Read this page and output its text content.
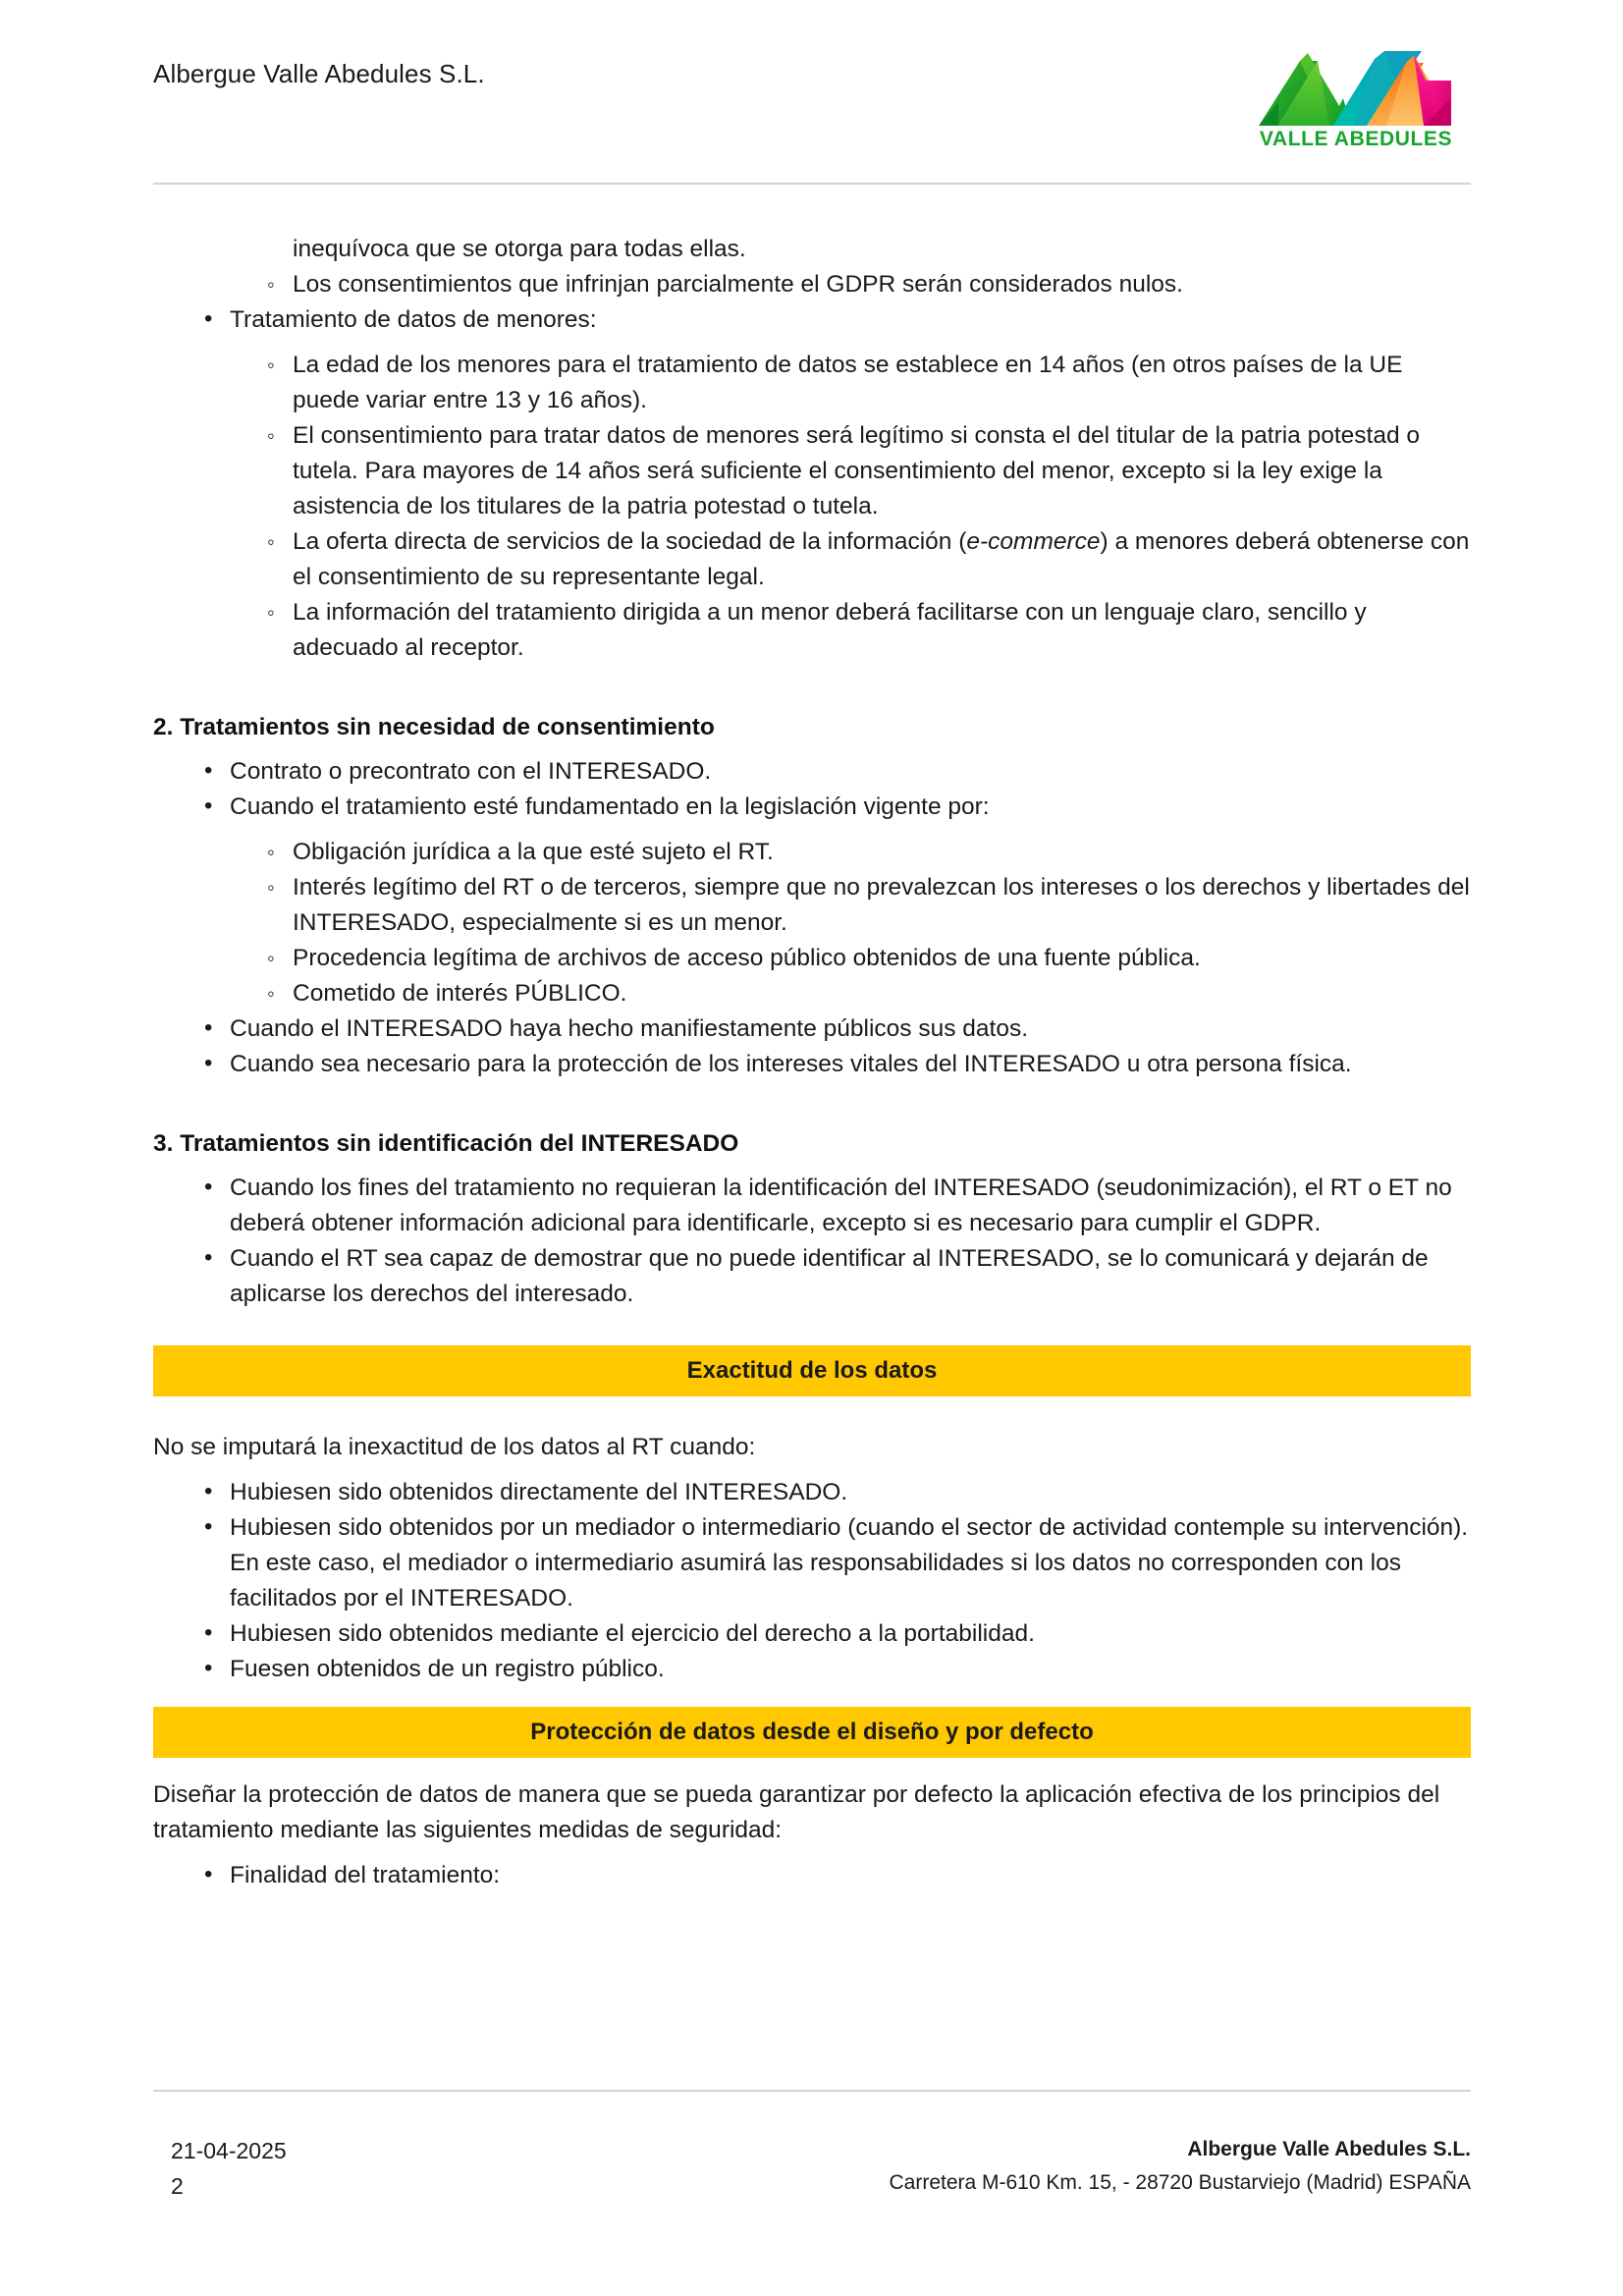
Albergue Valle Abedules S.L.
VALLE ABEDULES
inequívoca que se otorga para todas ellas.
◦ Los consentimientos que infrinjan parcialmente el GDPR serán considerados nulos.
• Tratamiento de datos de menores:
◦ La edad de los menores para el tratamiento de datos se establece en 14 años (en otros países de la UE puede variar entre 13 y 16 años).
◦ El consentimiento para tratar datos de menores será legítimo si consta el del titular de la patria potestad o tutela. Para mayores de 14 años será suficiente el consentimiento del menor, excepto si la ley exige la asistencia de los titulares de la patria potestad o tutela.
◦ La oferta directa de servicios de la sociedad de la información (e-commerce) a menores deberá obtenerse con el consentimiento de su representante legal.
◦ La información del tratamiento dirigida a un menor deberá facilitarse con un lenguaje claro, sencillo y adecuado al receptor.
2. Tratamientos sin necesidad de consentimiento
• Contrato o precontrato con el INTERESADO.
• Cuando el tratamiento esté fundamentado en la legislación vigente por:
◦ Obligación jurídica a la que esté sujeto el RT.
◦ Interés legítimo del RT o de terceros, siempre que no prevalezcan los intereses o los derechos y libertades del INTERESADO, especialmente si es un menor.
◦ Procedencia legítima de archivos de acceso público obtenidos de una fuente pública.
◦ Cometido de interés PÚBLICO.
• Cuando el INTERESADO haya hecho manifiestamente públicos sus datos.
• Cuando sea necesario para la protección de los intereses vitales del INTERESADO u otra persona física.
3. Tratamientos sin identificación del INTERESADO
• Cuando los fines del tratamiento no requieran la identificación del INTERESADO (seudonimización), el RT o ET no deberá obtener información adicional para identificarle, excepto si es necesario para cumplir el GDPR.
• Cuando el RT sea capaz de demostrar que no puede identificar al INTERESADO, se lo comunicará y dejarán de aplicarse los derechos del interesado.
Exactitud de los datos

No se imputará la inexactitud de los datos al RT cuando:

• Hubiesen sido obtenidos directamente del INTERESADO.
• Hubiesen sido obtenidos por un mediador o intermediario (cuando el sector de actividad contemple su intervención). En este caso, el mediador o intermediario asumirá las responsabilidades si los datos no corresponden con los facilitados por el INTERESADO.
• Hubiesen sido obtenidos mediante el ejercicio del derecho a la portabilidad.
• Fuesen obtenidos de un registro público.
Protección de datos desde el diseño y por defecto

Diseñar la protección de datos de manera que se pueda garantizar por defecto la aplicación efectiva de los principios del tratamiento mediante las siguientes medidas de seguridad:

• Finalidad del tratamiento:
21-04-2025
2
Albergue Valle Abedules S.L.
Carretera M-610 Km. 15, - 28720 Bustarviejo (Madrid) ESPAÑA
